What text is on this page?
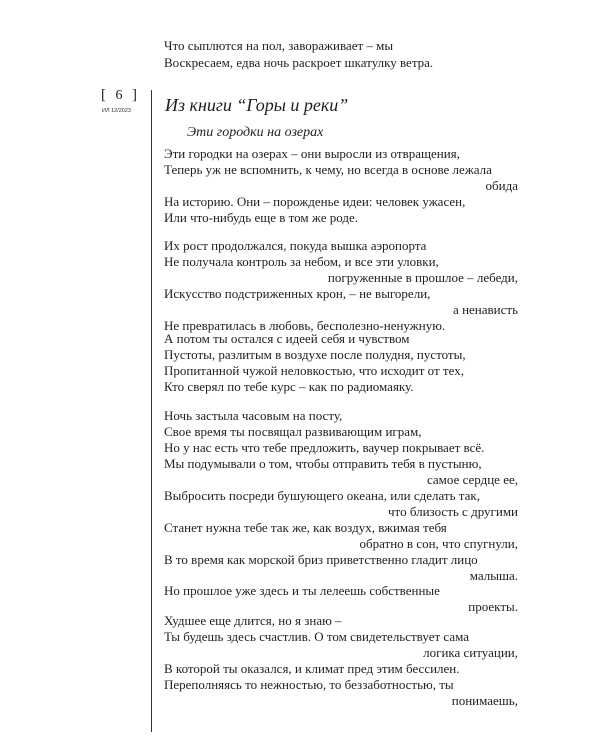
Что сыплются на пол, завораживает – мы
Воскресаем, едва ночь раскроет шкатулку ветра.
[ 6 ]
ИЛ 12/2023 Из книги “Горы и реки”
Эти городки на озерах
Эти городки на озерах – они выросли из отвращения,
Теперь уж не вспомнить, к чему, но всегда в основе лежала
обида
На историю. Они – порожденье идеи: человек ужасен,
Или что-нибудь еще в том же роде.
Их рост продолжался, покуда вышка аэропорта
Не получала контроль за небом, и все эти уловки,
погруженные в прошлое – лебеди,
Искусство подстриженных крон, – не выгорели,
а ненависть
Не превратилась в любовь, бесполезно-ненужную.
А потом ты остался с идеей себя и чувством
Пустоты, разлитым в воздухе после полудня, пустоты,
Пропитанной чужой неловкостью, что исходит от тех,
Кто сверял по тебе курс – как по радиомаяку.
Ночь застыла часовым на посту,
Свое время ты посвящал развивающим играм,
Но у нас есть что тебе предложить, ваучер покрывает всё.
Мы подумывали о том, чтобы отправить тебя в пустыню,
самое сердце ее,
Выбросить посреди бушующего океана, или сделать так,
что близость с другими
Станет нужна тебе так же, как воздух, вжимая тебя
обратно в сон, что спугнули,
В то время как морской бриз приветственно гладит лицо
малыша.
Но прошлое уже здесь и ты лелеешь собственные
проекты.
Худшее еще длится, но я знаю –
Ты будешь здесь счастлив. О том свидетельствует сама
логика ситуации,
В которой ты оказался, и климат пред этим бессилен.
Переполняясь то нежностью, то беззаботностью, ты
понимаешь,
